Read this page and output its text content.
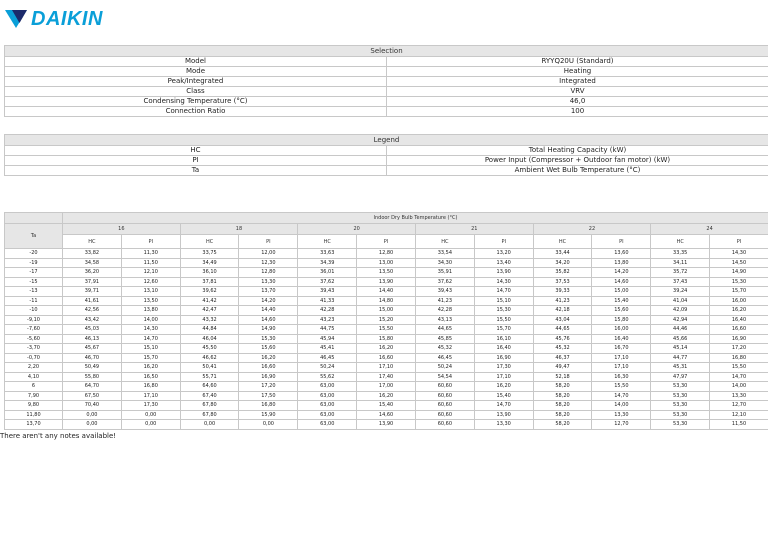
DAIKIN
Selection	
Model	RYYQ20U (Standard)
Mode	Heating
Peak/Integrated	Integrated
Class	VRV
Condensing Temperature (°C)	46,0
Connection Ratio	100
Legend	
HC	Total Heating Capacity (kW)
PI	Power Input (Compressor + Outdoor fan motor) (kW)
Ta	Ambient Wet Bulb Temperature (°C)
	Indoor Dry Bulb Temperature (°C)											
Ta	16		18		20		21		22		24	
	HC	PI	HC	PI	HC	PI	HC	PI	HC	PI	HC	PI
-20	33,82	11,30	33,75	12,00	33,63	12,80	33,54	13,20	33,44	13,60	33,35	14,30
-19	34,58	11,50	34,49	12,30	34,39	13,00	34,30	13,40	34,20	13,80	34,11	14,50
-17	36,20	12,10	36,10	12,80	36,01	13,50	35,91	13,90	35,82	14,20	35,72	14,90
-15	37,91	12,60	37,81	13,30	37,62	13,90	37,62	14,30	37,53	14,60	37,43	15,30
-13	39,71	13,10	39,62	13,70	39,43	14,40	39,43	14,70	39,33	15,00	39,24	15,70
-11	41,61	13,50	41,42	14,20	41,33	14,80	41,23	15,10	41,23	15,40	41,04	16,00
-10	42,56	13,80	42,47	14,40	42,28	15,00	42,28	15,30	42,18	15,60	42,09	16,20
-9,10	43,42	14,00	43,32	14,60	43,23	15,20	43,13	15,50	43,04	15,80	42,94	16,40
-7,60	45,03	14,30	44,84	14,90	44,75	15,50	44,65	15,70	44,65	16,00	44,46	16,60
-5,60	46,13	14,70	46,04	15,30	45,94	15,80	45,85	16,10	45,76	16,40	45,66	16,90
-3,70	45,67	15,10	45,50	15,60	45,41	16,20	45,32	16,40	45,32	16,70	45,14	17,20
-0,70	46,70	15,70	46,62	16,20	46,45	16,60	46,45	16,90	46,37	17,10	44,77	16,80
2,20	50,49	16,20	50,41	16,60	50,24	17,10	50,24	17,30	49,47	17,10	45,31	15,50
4,10	55,80	16,50	55,71	16,90	55,62	17,40	54,54	17,10	52,18	16,30	47,97	14,70
6	64,70	16,80	64,60	17,20	63,00	17,00	60,60	16,20	58,20	15,50	53,30	14,00
7,90	67,50	17,10	67,40	17,50	63,00	16,20	60,60	15,40	58,20	14,70	53,30	13,30
9,80	70,40	17,30	67,80	16,80	63,00	15,40	60,60	14,70	58,20	14,00	53,30	12,70
11,80	0,00	0,00	67,80	15,90	63,00	14,60	60,60	13,90	58,20	13,30	53,30	12,10
13,70	0,00	0,00	0,00	0,00	63,00	13,90	60,60	13,30	58,20	12,70	53,30	11,50
There aren't any notes available!
